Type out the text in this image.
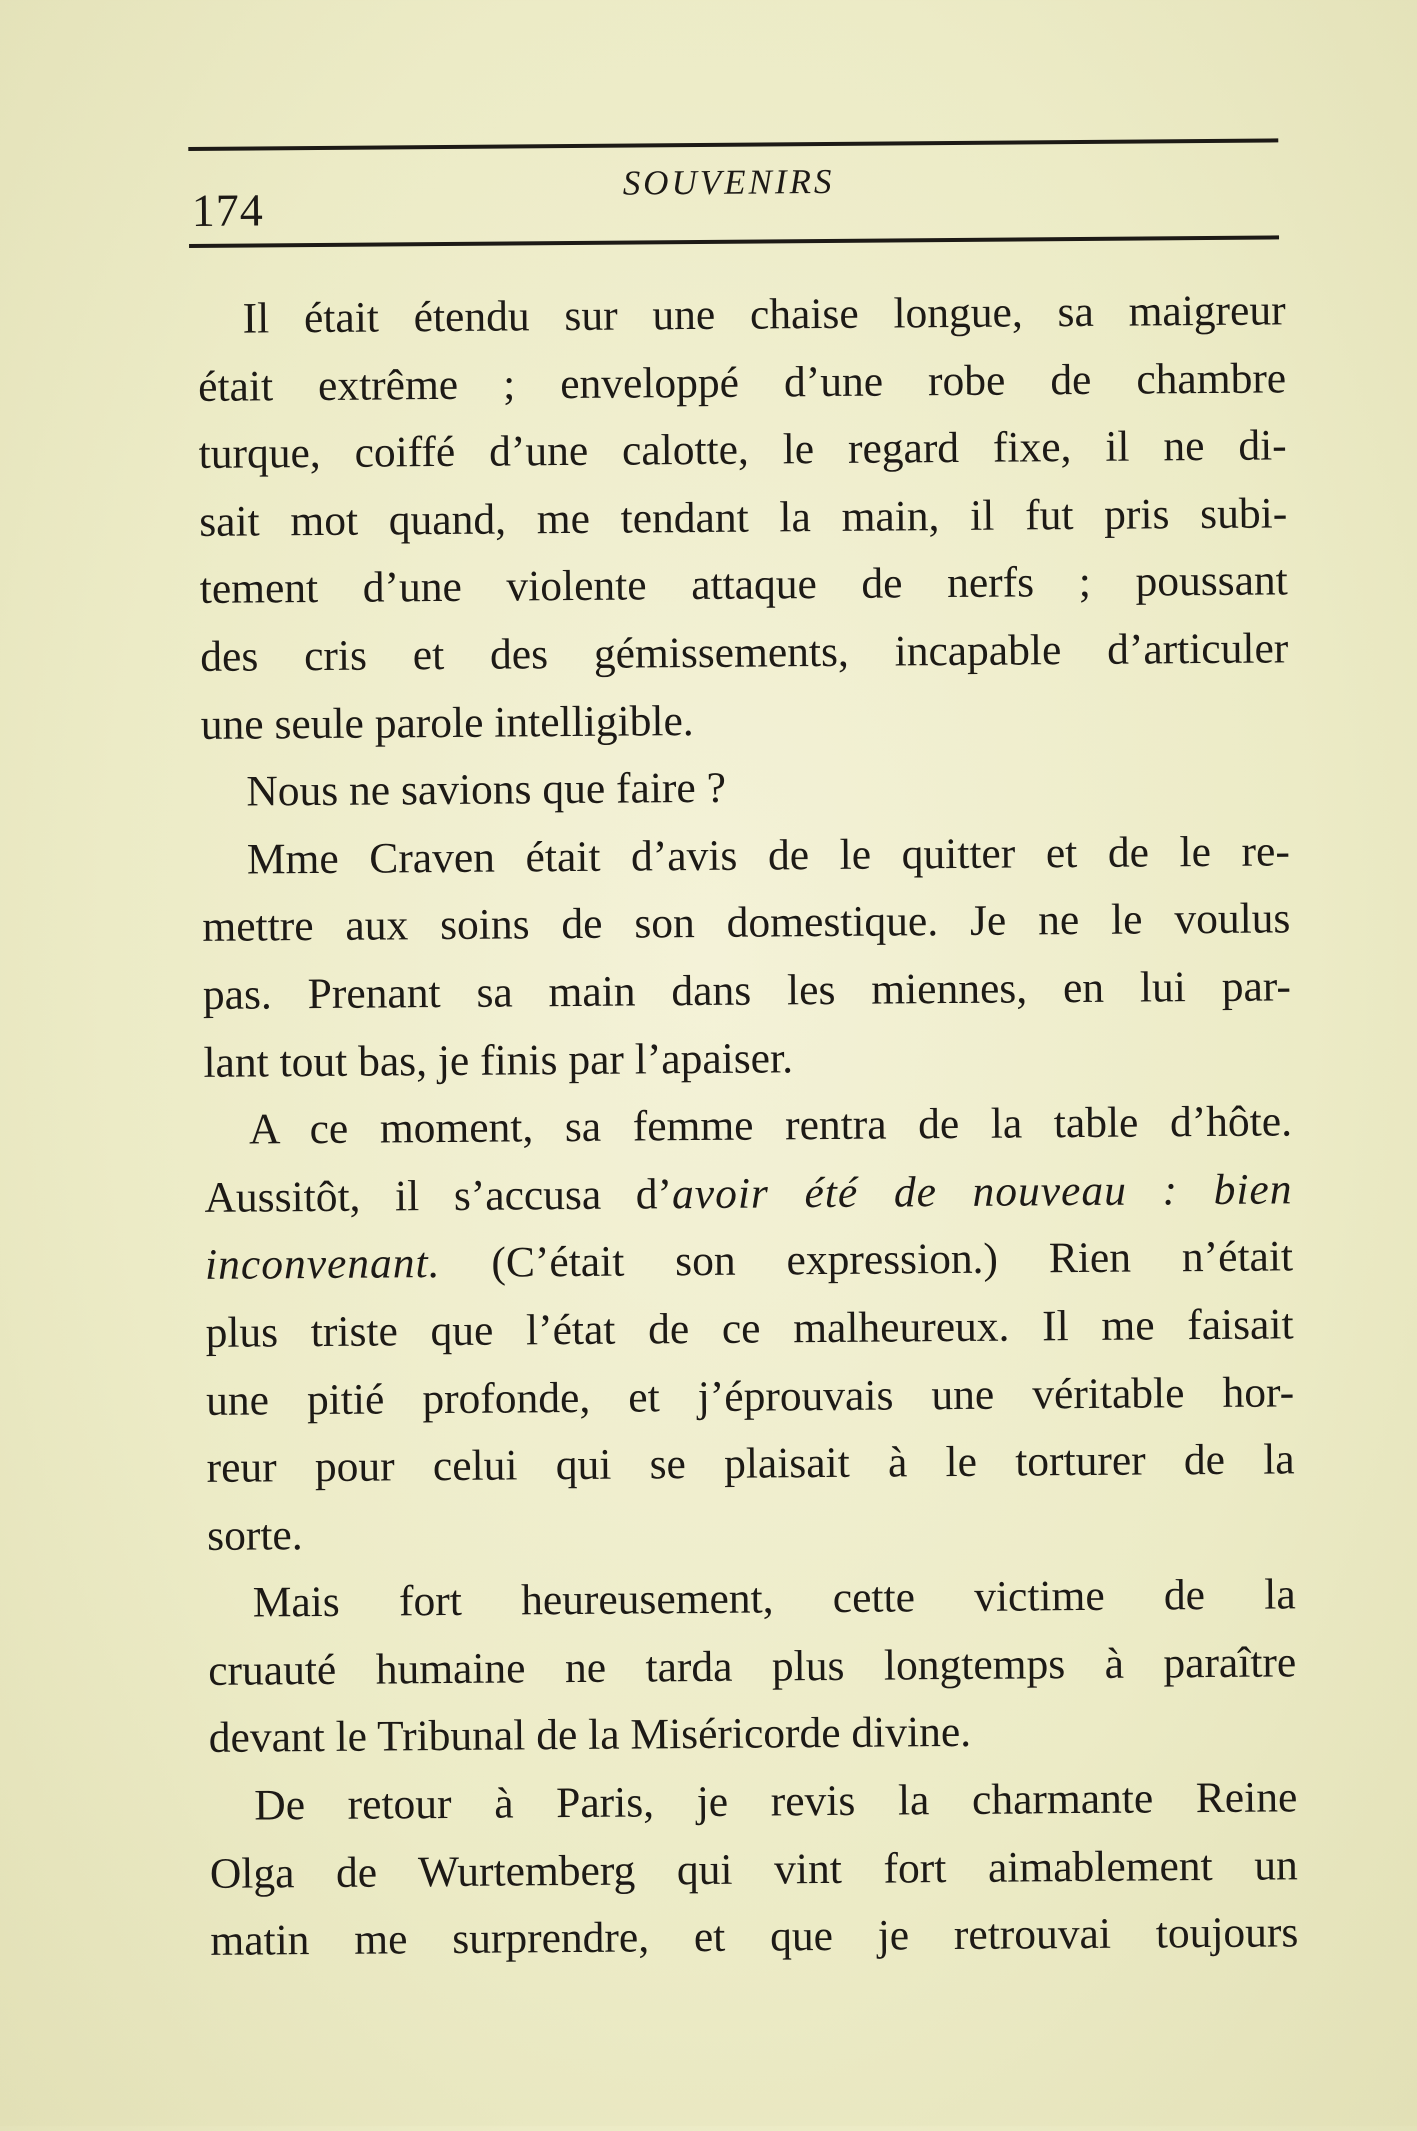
174
SOUVENIRS
Il était étendu sur une chaise longue, sa maigreur
était extrême ; enveloppé d’une robe de chambre
turque, coiffé d’une calotte, le regard fixe, il ne di-
sait mot quand, me tendant la main, il fut pris subi-
tement d’une violente attaque de nerfs ; poussant
des cris et des gémissements, incapable d’articuler
une seule parole intelligible.
Nous ne savions que faire ?
Mme Craven était d’avis de le quitter et de le re-
mettre aux soins de son domestique. Je ne le voulus
pas. Prenant sa main dans les miennes, en lui par-
lant tout bas, je finis par l’apaiser.
A ce moment, sa femme rentra de la table d’hôte.
Aussitôt, il s’accusa d’avoir été de nouveau : bien
inconvenant. (C’était son expression.) Rien n’était
plus triste que l’état de ce malheureux. Il me faisait
une pitié profonde, et j’éprouvais une véritable hor-
reur pour celui qui se plaisait à le torturer de la
sorte.
Mais fort heureusement, cette victime de la
cruauté humaine ne tarda plus longtemps à paraître
devant le Tribunal de la Miséricorde divine.
De retour à Paris, je revis la charmante Reine
Olga de Wurtemberg qui vint fort aimablement un
matin me surprendre, et que je retrouvai toujours
